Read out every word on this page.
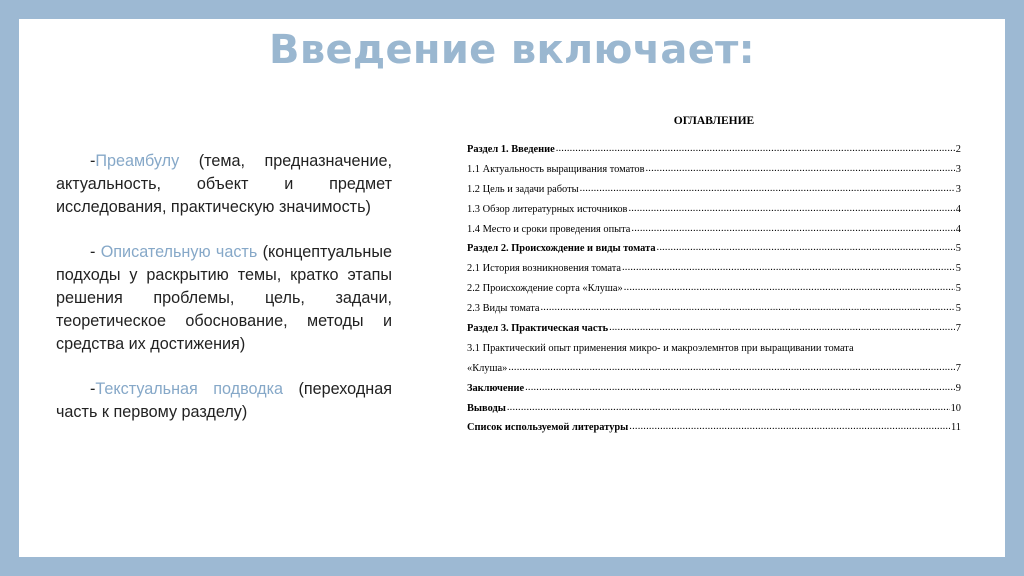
Введение включает:

-Преамбулу (тема, предназначение, актуальность, объект и предмет исследования, практическую значимость)

- Описательную часть (концептуальные подходы у раскрытию темы, кратко этапы решения проблемы, цель, задачи, теоретическое обоснование, методы и средства их достижения)

-Текстуальная подводка (переходная часть к первому разделу)

ОГЛАВЛЕНИЕ
Раздел 1. Введение .....	2
1.1 Актуальность выращивания томатов .....	3
1.2 Цель и задачи работы .....	3
1.3 Обзор литературных источников .....	4
1.4 Место и сроки проведения опыта .....	4
Раздел 2. Происхождение и виды томата .....	5
2.1 История возникновения томата .....	5
2.2 Происхождение сорта «Клуша» .....	5
2.3 Виды томата .....	5
Раздел 3. Практическая часть .....	7
3.1 Практический опыт применения микро- и макроэлемнтов при выращивании томата
«Клуша» .....	7
Заключение .....	9
Выводы .....	10
Список используемой литературы .....	11
